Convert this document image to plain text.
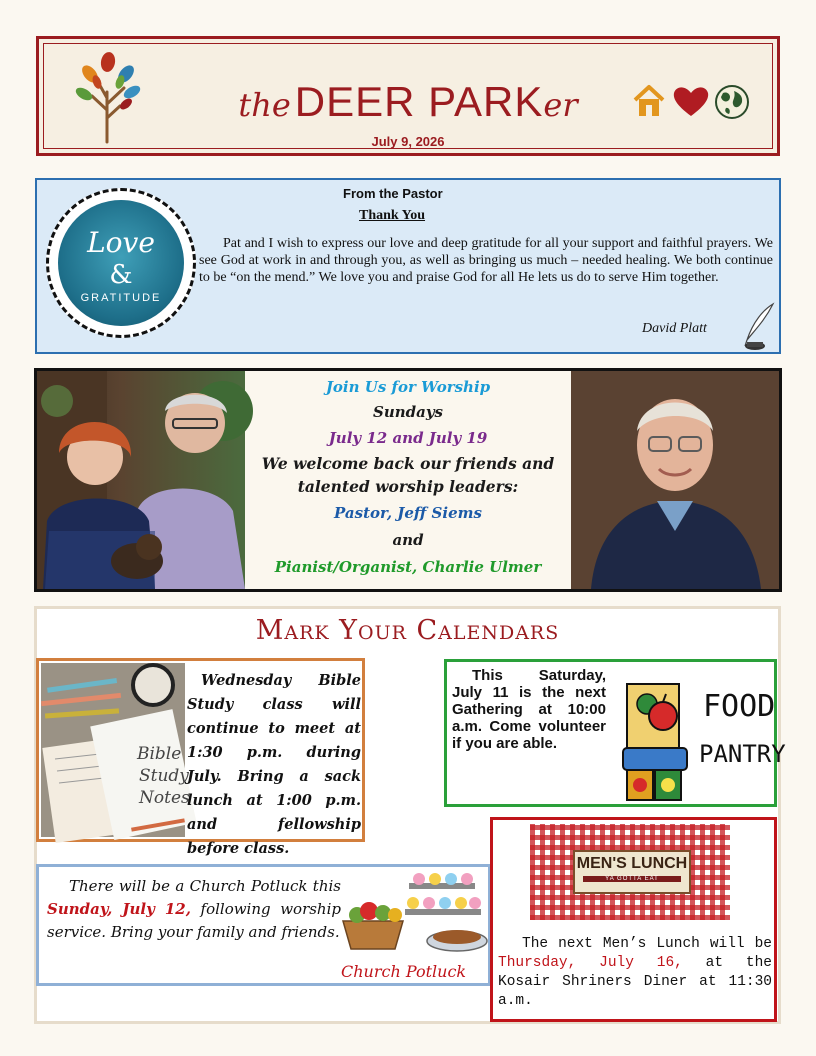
the DEER PARKer
July 9, 2026
Love
&
GRATITUDE
From the Pastor
Thank You
Pat and I wish to express our love and deep gratitude for all your support and faithful prayers. We see God at work in and through you, as well as bringing us much – needed healing. We both continue to be “on the mend.” We love you and praise God for all He lets us do to serve Him together.
David Platt
Join Us for Worship
Sundays
July 12 and July 19
We welcome back our friends and talented worship leaders:
Pastor, Jeff Siems
and
Pianist/Organist, Charlie Ulmer
Mark Your Calendars
Bible
Study
Notes
Wednesday Bible Study class will continue to meet at 1:30 p.m. during July. Bring a sack lunch at 1:00 p.m. and fellowship before class.
This Saturday, July 11 is the next Gathering at 10:00 a.m. Come volunteer if you are able.
FOOD
PANTRY
There will be a Church Potluck this Sunday, July 12, following worship service. Bring your family and friends.
Church Potluck
MEN'S LUNCH
YA GOTTA EAT
The next Men’s Lunch will be Thursday, July 16, at the Kosair Shriners Diner at 11:30 a.m.
